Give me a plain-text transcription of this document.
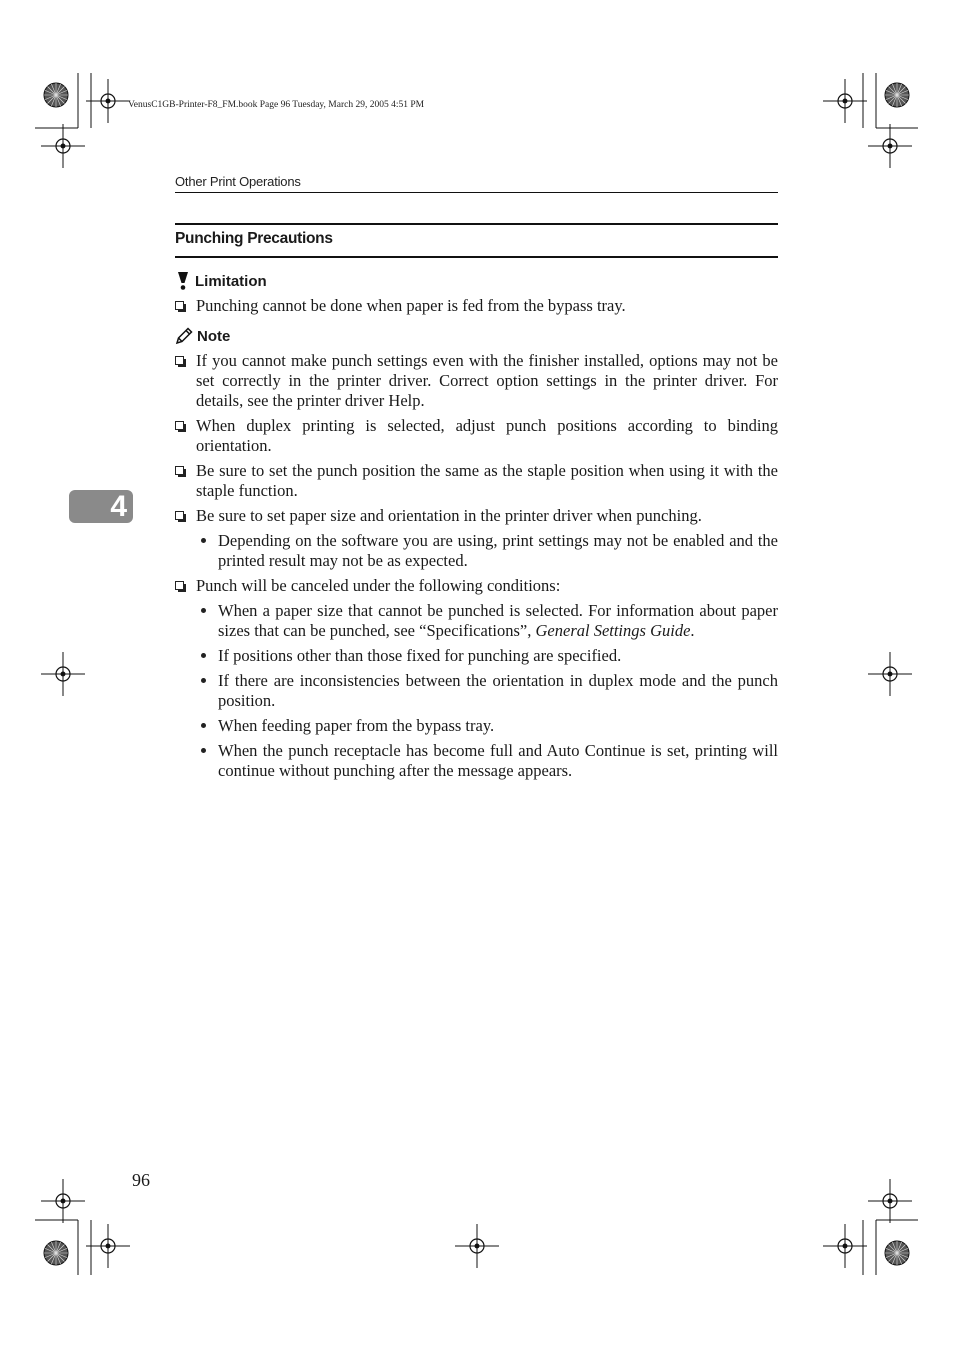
VenusC1GB-Printer-F8_FM.book Page 96 Tuesday, March 29, 2005 4:51 PM
Other Print Operations
Punching Precautions
Limitation
Punching cannot be done when paper is fed from the bypass tray.
Note
If you cannot make punch settings even with the finisher installed, options may not be set correctly in the printer driver. Correct option settings in the printer driver. For details, see the printer driver Help.
When duplex printing is selected, adjust punch positions according to binding orientation.
Be sure to set the punch position the same as the staple position when using it with the staple function.
Be sure to set paper size and orientation in the printer driver when punching.
Depending on the software you are using, print settings may not be enabled and the printed result may not be as expected.
Punch will be canceled under the following conditions:
When a paper size that cannot be punched is selected. For information about paper sizes that can be punched, see “Specifications”, General Settings Guide.
If positions other than those fixed for punching are specified.
If there are inconsistencies between the orientation in duplex mode and the punch position.
When feeding paper from the bypass tray.
When the punch receptacle has become full and Auto Continue is set, printing will continue without punching after the message appears.
4
96
